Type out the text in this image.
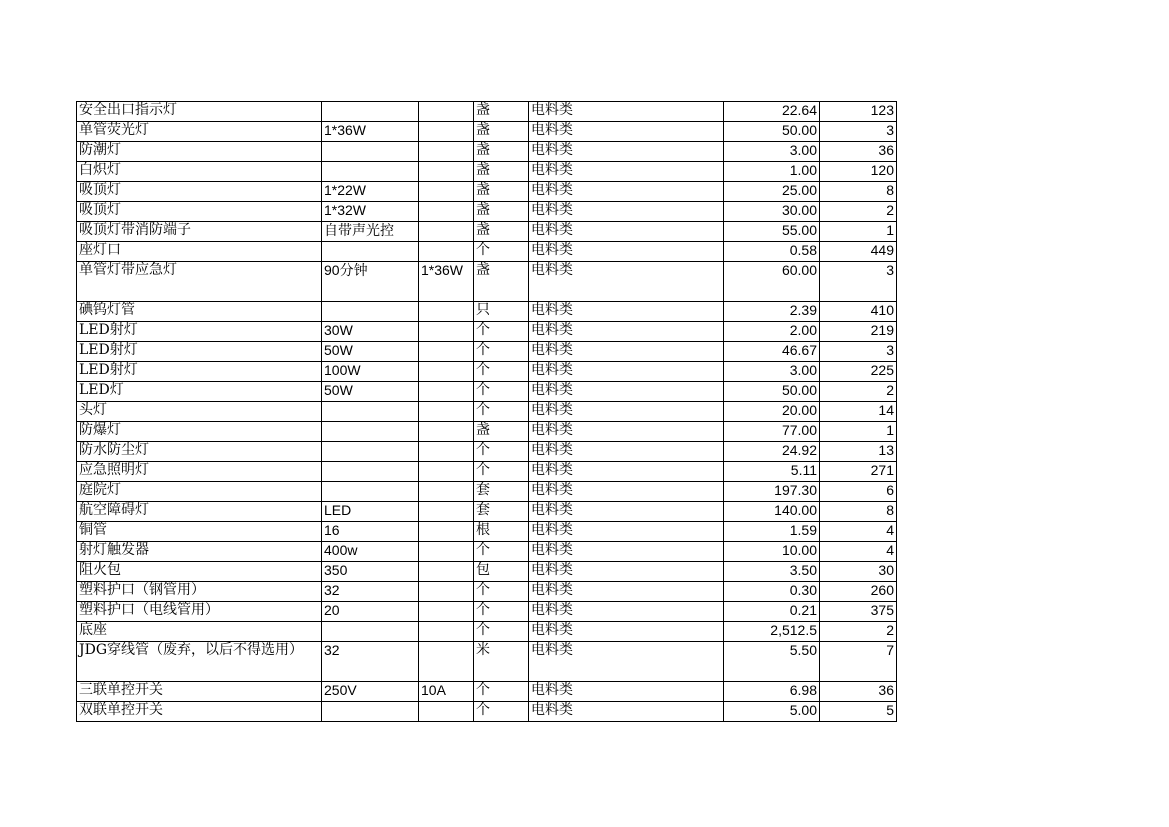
安全出口指示灯			盏	电料类	22.64	123
单管荧光灯	1*36W		盏	电料类	50.00	3
防潮灯			盏	电料类	3.00	36
白炽灯			盏	电料类	1.00	120
吸顶灯	1*22W		盏	电料类	25.00	8
吸顶灯	1*32W		盏	电料类	30.00	2
吸顶灯带消防端子	自带声光控		盏	电料类	55.00	1
座灯口			个	电料类	0.58	449
单管灯带应急灯	90分钟	1*36W	盏	电料类	60.00	3
碘钨灯管			只	电料类	2.39	410
LED射灯	30W		个	电料类	2.00	219
LED射灯	50W		个	电料类	46.67	3
LED射灯	100W		个	电料类	3.00	225
LED灯	50W		个	电料类	50.00	2
头灯			个	电料类	20.00	14
防爆灯			盏	电料类	77.00	1
防水防尘灯			个	电料类	24.92	13
应急照明灯			个	电料类	5.11	271
庭院灯			套	电料类	197.30	6
航空障碍灯	LED		套	电料类	140.00	8
铜管	16		根	电料类	1.59	4
射灯触发器	400w		个	电料类	10.00	4
阻火包	350		包	电料类	3.50	30
塑料护口（钢管用）	32		个	电料类	0.30	260
塑料护口（电线管用）	20		个	电料类	0.21	375
底座			个	电料类	2,512.5	2
JDG穿线管（废弃，以后不得选用）	32		米	电料类	5.50	7
三联单控开关	250V	10A	个	电料类	6.98	36
双联单控开关			个	电料类	5.00	5
